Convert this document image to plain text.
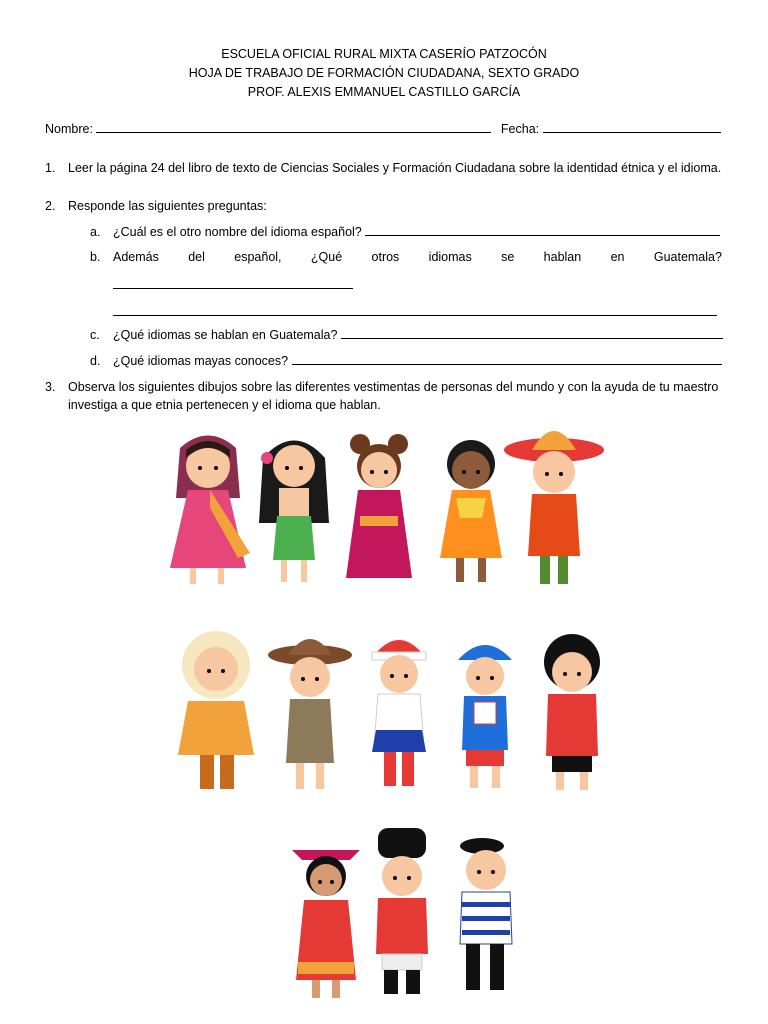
ESCUELA OFICIAL RURAL MIXTA CASERÍO PATZOCÓN
HOJA DE TRABAJO DE FORMACIÓN CIUDADANA, SEXTO GRADO
PROF. ALEXIS EMMANUEL CASTILLO GARCÍA
Nombre:	Fecha:
1. Leer la página 24 del libro de texto de Ciencias Sociales y Formación Ciudadana sobre la identidad étnica y el idioma.
2. Responde las siguientes preguntas:
a. ¿Cuál es el otro nombre del idioma español?
b. Además del español, ¿Qué otros idiomas se hablan en Guatemala?
c. ¿Qué idiomas se hablan en Guatemala?
d. ¿Qué idiomas mayas conoces?
3. Observa los siguientes dibujos sobre las diferentes vestimentas de personas del mundo y con la ayuda de tu maestro
investiga a que etnia pertenecen y el idioma que hablan.
